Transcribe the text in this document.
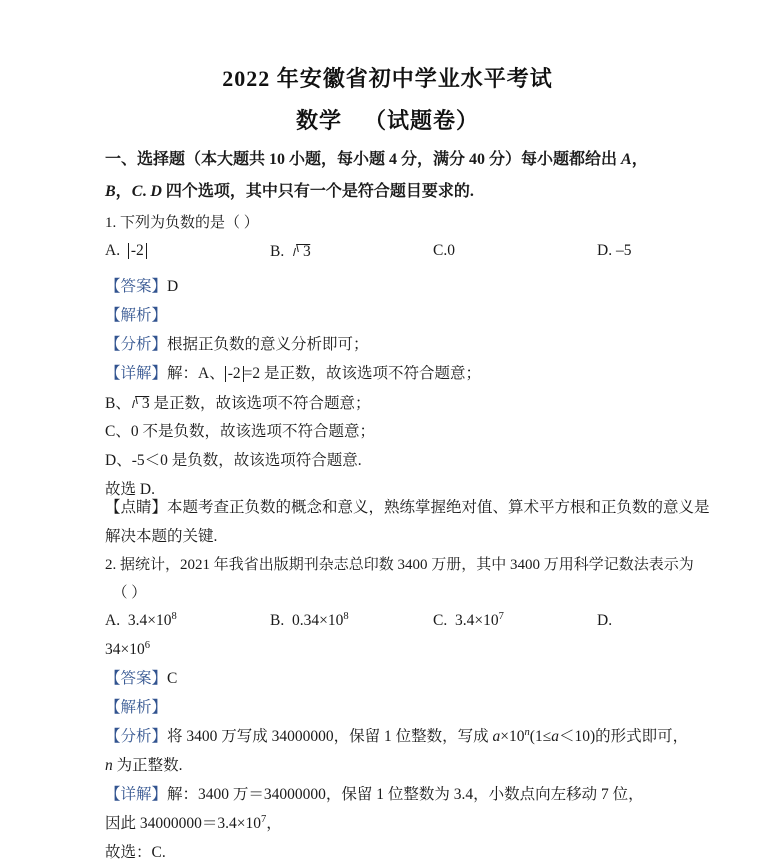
2022 年安徽省初中学业水平考试
数学 （试题卷）
一、选择题（本大题共 10 小题，每小题 4 分，满分 40 分）每小题都给出 A，
B，C. D 四个选项，其中只有一个是符合题目要求的.
1. 下列为负数的是（ ）
A. -2	B. 3	C.0	D. –5
【答案】D
【解析】
【分析】根据正负数的意义分析即可；
【详解】解：A、 -2 =2 是正数，故该选项不符合题意；
B、 3 是正数，故该选项不符合题意；
C、0 不是负数，故该选项不符合题意；
D、-5＜0 是负数，故该选项符合题意.
故选 D.
【点睛】本题考查正负数的概念和意义，熟练掌握绝对值、算术平方根和正负数的意义是
解决本题的关键.
2. 据统计，2021 年我省出版期刊杂志总印数 3400 万册，其中 3400 万用科学记数法表示为
（ ）
A. $3.4\times 10^8$	B. $0.34\times 10^8$	C. $3.4\times 10^7$	D.
$34\times 10^6$
【答案】C
【解析】
【分析】将 3400 万写成 34000000，保留 1 位整数，写成 $a\times 10^n(1\le a<10)$的形式即可，
n 为正整数.
【详解】解：3400 万＝34000000，保留 1 位整数为 3.4，小数点向左移动 7 位，
因此 $34000000=3.4\times 10^7$，
故选：C.
